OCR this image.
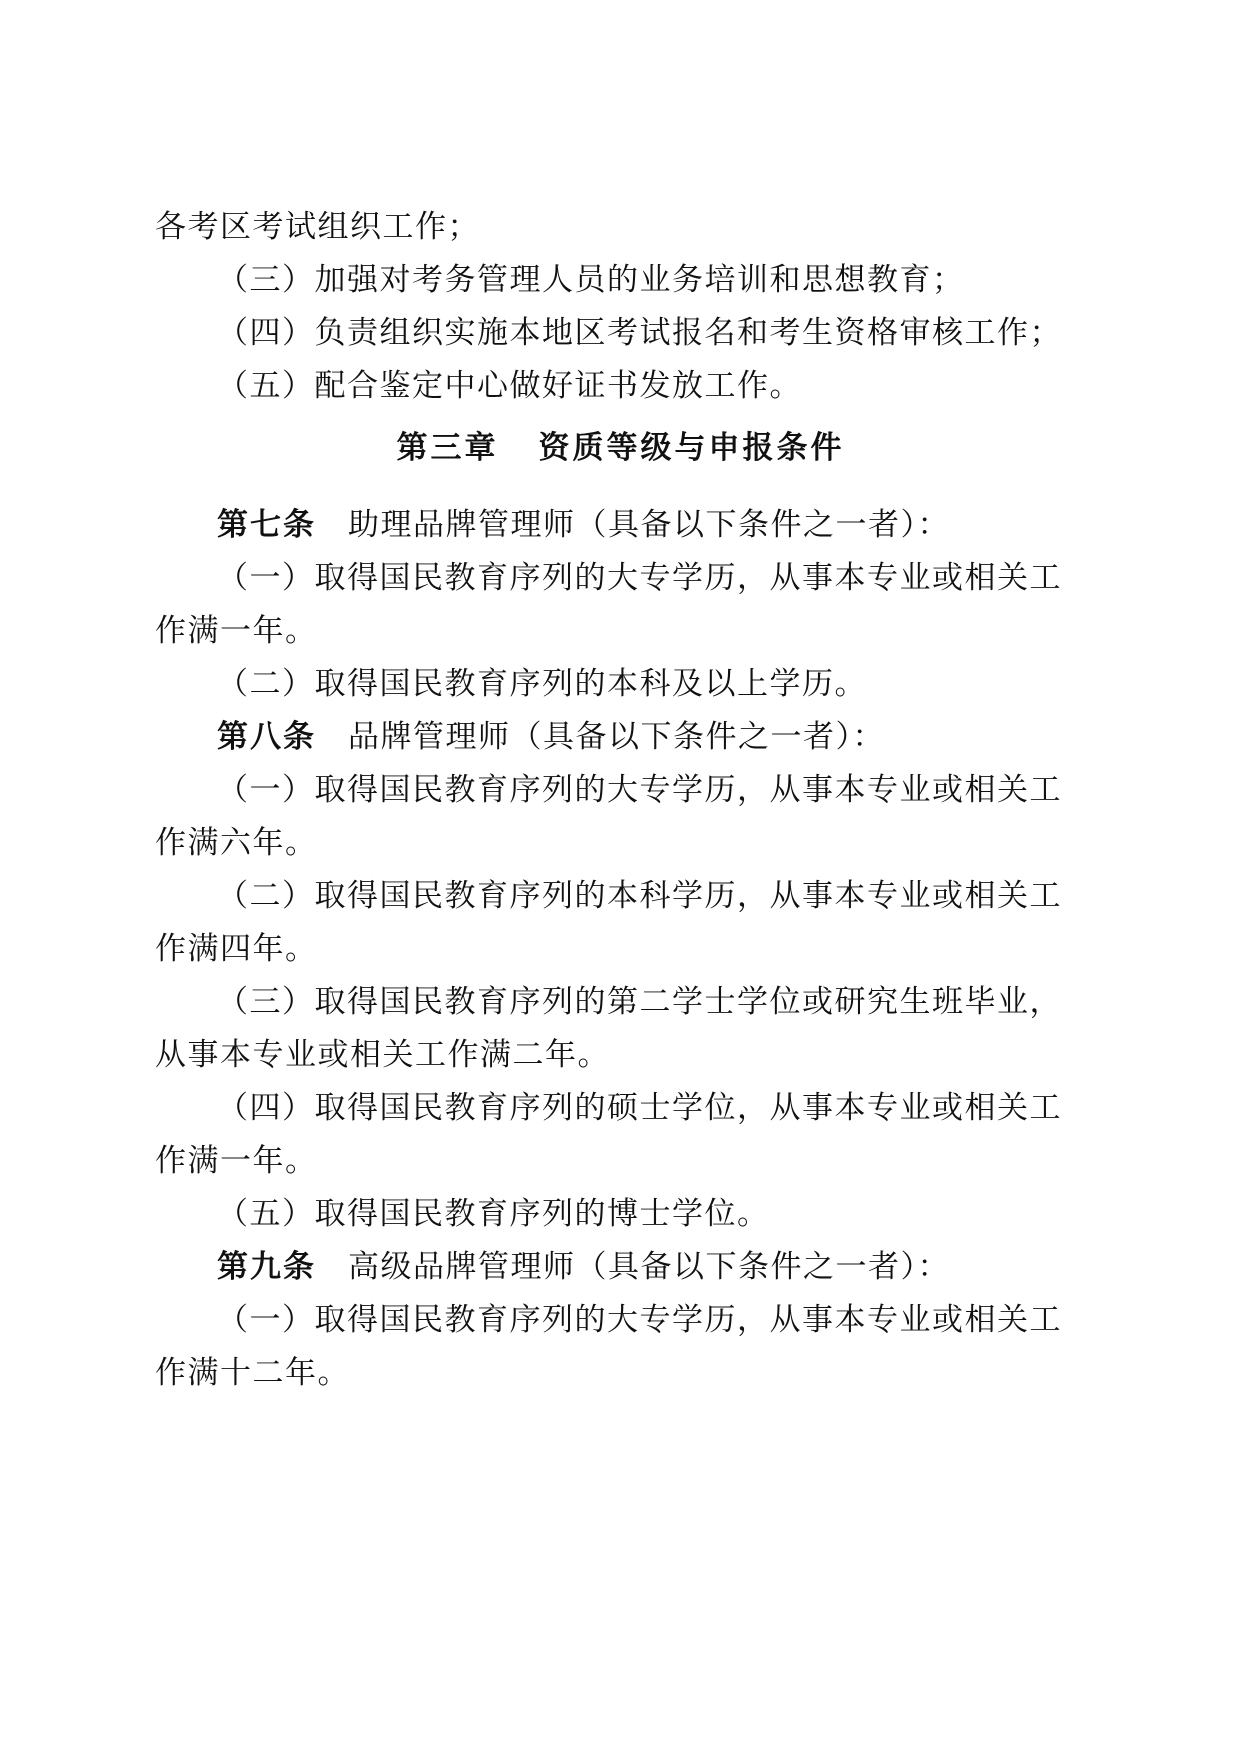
各考区考试组织工作；
（三）加强对考务管理人员的业务培训和思想教育；
（四）负责组织实施本地区考试报名和考生资格审核工作；
（五）配合鉴定中心做好证书发放工作。
第三章 资质等级与申报条件
第七条 助理品牌管理师（具备以下条件之一者）：
（一）取得国民教育序列的大专学历，从事本专业或相关工
作满一年。
（二）取得国民教育序列的本科及以上学历。
第八条 品牌管理师（具备以下条件之一者）：
（一）取得国民教育序列的大专学历，从事本专业或相关工
作满六年。
（二）取得国民教育序列的本科学历，从事本专业或相关工
作满四年。
（三）取得国民教育序列的第二学士学位或研究生班毕业，
从事本专业或相关工作满二年。
（四）取得国民教育序列的硕士学位，从事本专业或相关工
作满一年。
（五）取得国民教育序列的博士学位。
第九条 高级品牌管理师（具备以下条件之一者）：
（一）取得国民教育序列的大专学历，从事本专业或相关工
作满十二年。
